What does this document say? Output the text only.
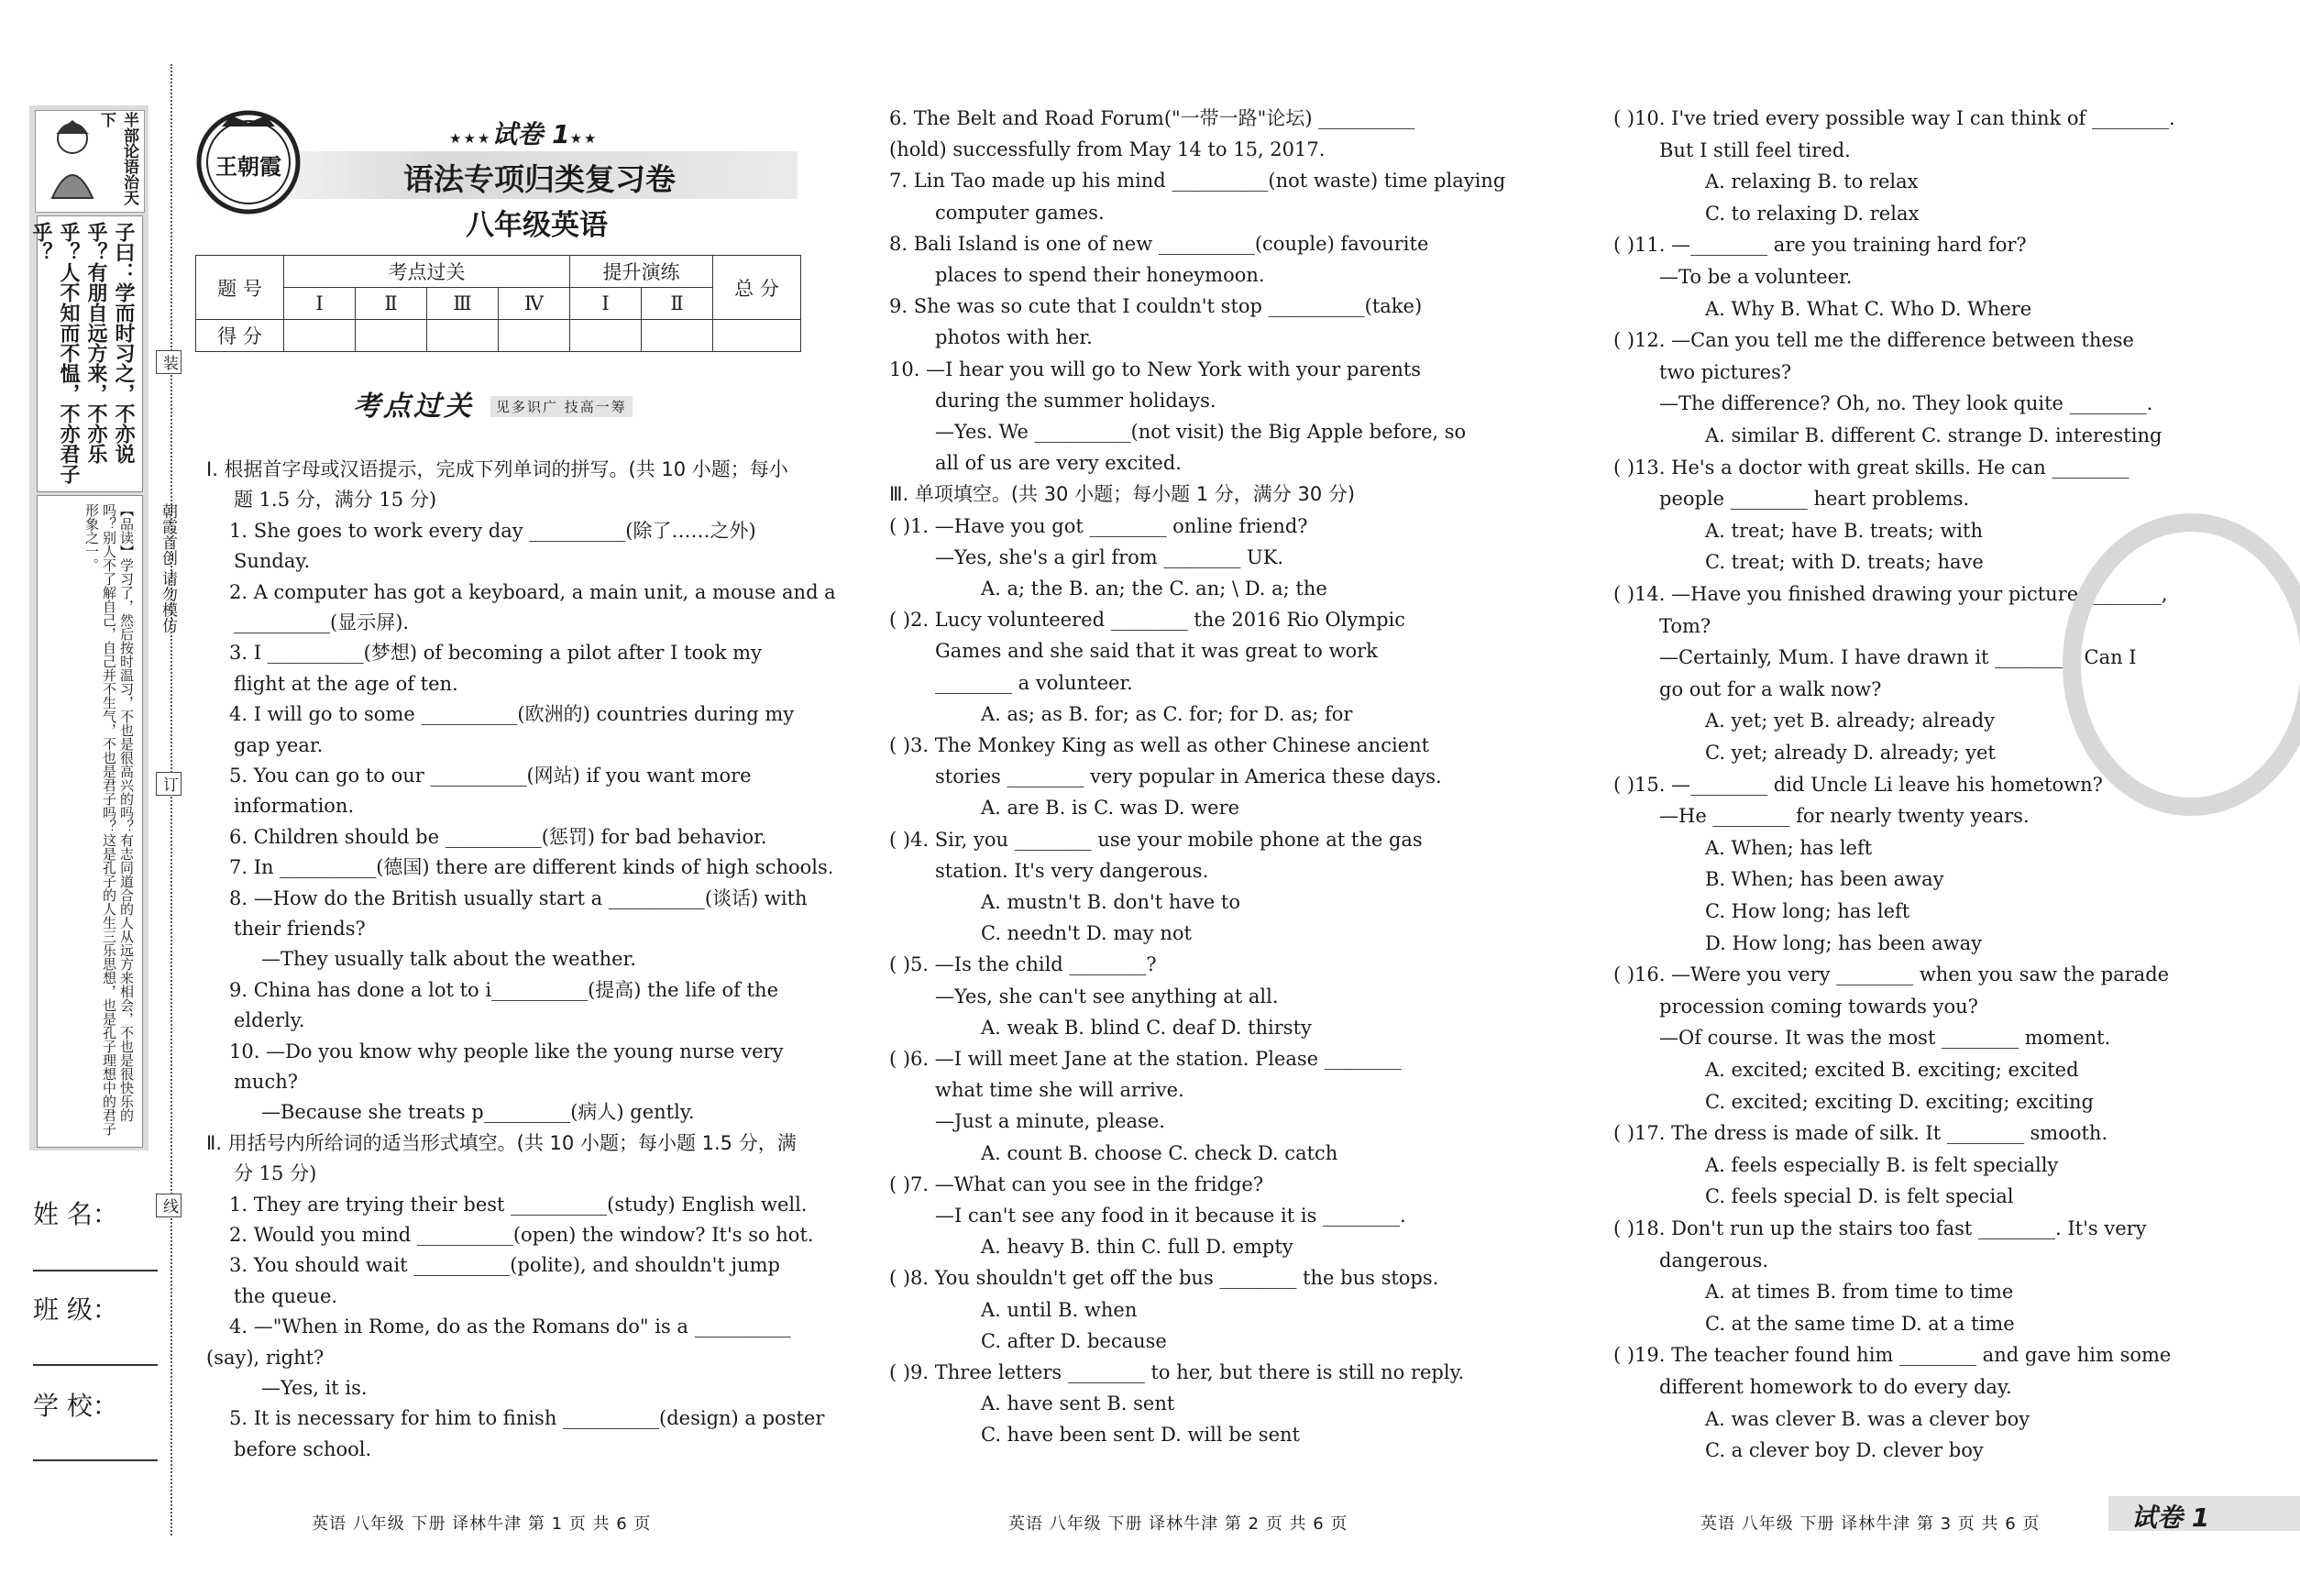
半部论语治天下
子曰：学而时习之，不亦说乎？有朋自远方来，不亦乐乎？人不知而不愠，不亦君子乎？
【品读】学习了，然后按时温习，不也是很高兴的吗？有志同道合的人从远方来相会，不也是很快乐的吗？别人不了解自己，自己并不生气，不也是君子吗？这是孔子的人生三乐思想，也是孔子理想中的君子形象之一。
姓 名：
班 级：
学 校：
装
朝霞首创 请勿模仿
订
线
王朝霞
★★★试卷 1★★
语法专项归类复习卷
八年级英语
题 号	考点过关				提升演练		总 分
	Ⅰ	Ⅱ	Ⅲ	Ⅳ	Ⅰ	Ⅱ	
得 分							
考点过关	见多识广 技高一筹
Ⅰ. 根据首字母或汉语提示，完成下列单词的拼写。(共 10 小题；每小
题 1.5 分，满分 15 分)
1. She goes to work every day __________(除了……之外)
Sunday.
2. A computer has got a keyboard, a main unit, a mouse and a
__________(显示屏).
3. I __________(梦想) of becoming a pilot after I took my
flight at the age of ten.
4. I will go to some __________(欧洲的) countries during my
gap year.
5. You can go to our __________(网站) if you want more
information.
6. Children should be __________(惩罚) for bad behavior.
7. In __________(德国) there are different kinds of high schools.
8. —How do the British usually start a __________(谈话) with
their friends?
—They usually talk about the weather.
9. China has done a lot to i__________(提高) the life of the
elderly.
10. —Do you know why people like the young nurse very
much?
—Because she treats p_________(病人) gently.
Ⅱ. 用括号内所给词的适当形式填空。(共 10 小题；每小题 1.5 分，满
分 15 分)
1. They are trying their best __________(study) English well.
2. Would you mind __________(open) the window? It's so hot.
3. You should wait __________(polite), and shouldn't jump
the queue.
4. —"When in Rome, do as the Romans do" is a __________
(say), right?
—Yes, it is.
5. It is necessary for him to finish __________(design) a poster
before school.
6. The Belt and Road Forum("一带一路"论坛) __________
(hold) successfully from May 14 to 15, 2017.
7. Lin Tao made up his mind __________(not waste) time playing
computer games.
8. Bali Island is one of new __________(couple) favourite
places to spend their honeymoon.
9. She was so cute that I couldn't stop __________(take)
photos with her.
10. —I hear you will go to New York with your parents
during the summer holidays.
—Yes. We __________(not visit) the Big Apple before, so
all of us are very excited.
Ⅲ. 单项填空。(共 30 小题；每小题 1 分，满分 30 分)
( )1. —Have you got ________ online friend?
—Yes, she's a girl from ________ UK.
A. a; the B. an; the C. an; \ D. a; the
( )2. Lucy volunteered ________ the 2016 Rio Olympic
Games and she said that it was great to work
________ a volunteer.
A. as; as B. for; as C. for; for D. as; for
( )3. The Monkey King as well as other Chinese ancient
stories ________ very popular in America these days.
A. are B. is C. was D. were
( )4. Sir, you ________ use your mobile phone at the gas
station. It's very dangerous.
A. mustn't B. don't have to
C. needn't D. may not
( )5. —Is the child ________?
—Yes, she can't see anything at all.
A. weak B. blind C. deaf D. thirsty
( )6. —I will meet Jane at the station. Please ________
what time she will arrive.
—Just a minute, please.
A. count B. choose C. check D. catch
( )7. —What can you see in the fridge?
—I can't see any food in it because it is ________.
A. heavy B. thin C. full D. empty
( )8. You shouldn't get off the bus ________ the bus stops.
A. until B. when
C. after D. because
( )9. Three letters ________ to her, but there is still no reply.
A. have sent B. sent
C. have been sent D. will be sent
( )10. I've tried every possible way I can think of ________.
But I still feel tired.
A. relaxing B. to relax
C. to relaxing D. relax
( )11. —________ are you training hard for?
—To be a volunteer.
A. Why B. What C. Who D. Where
( )12. —Can you tell me the difference between these
two pictures?
—The difference? Oh, no. They look quite ________.
A. similar B. different C. strange D. interesting
( )13. He's a doctor with great skills. He can ________
people ________ heart problems.
A. treat; have B. treats; with
C. treat; with D. treats; have
( )14. —Have you finished drawing your picture ________,
Tom?
—Certainly, Mum. I have drawn it ________. Can I
go out for a walk now?
A. yet; yet B. already; already
C. yet; already D. already; yet
( )15. —________ did Uncle Li leave his hometown?
—He ________ for nearly twenty years.
A. When; has left
B. When; has been away
C. How long; has left
D. How long; has been away
( )16. —Were you very ________ when you saw the parade
procession coming towards you?
—Of course. It was the most ________ moment.
A. excited; excited B. exciting; excited
C. excited; exciting D. exciting; exciting
( )17. The dress is made of silk. It ________ smooth.
A. feels especially B. is felt specially
C. feels special D. is felt special
( )18. Don't run up the stairs too fast ________. It's very
dangerous.
A. at times B. from time to time
C. at the same time D. at a time
( )19. The teacher found him ________ and gave him some
different homework to do every day.
A. was clever B. was a clever boy
C. a clever boy D. clever boy
英语 八年级 下册 译林牛津 第 1 页 共 6 页	英语 八年级 下册 译林牛津 第 2 页 共 6 页	英语 八年级 下册 译林牛津 第 3 页 共 6 页	试卷 1
